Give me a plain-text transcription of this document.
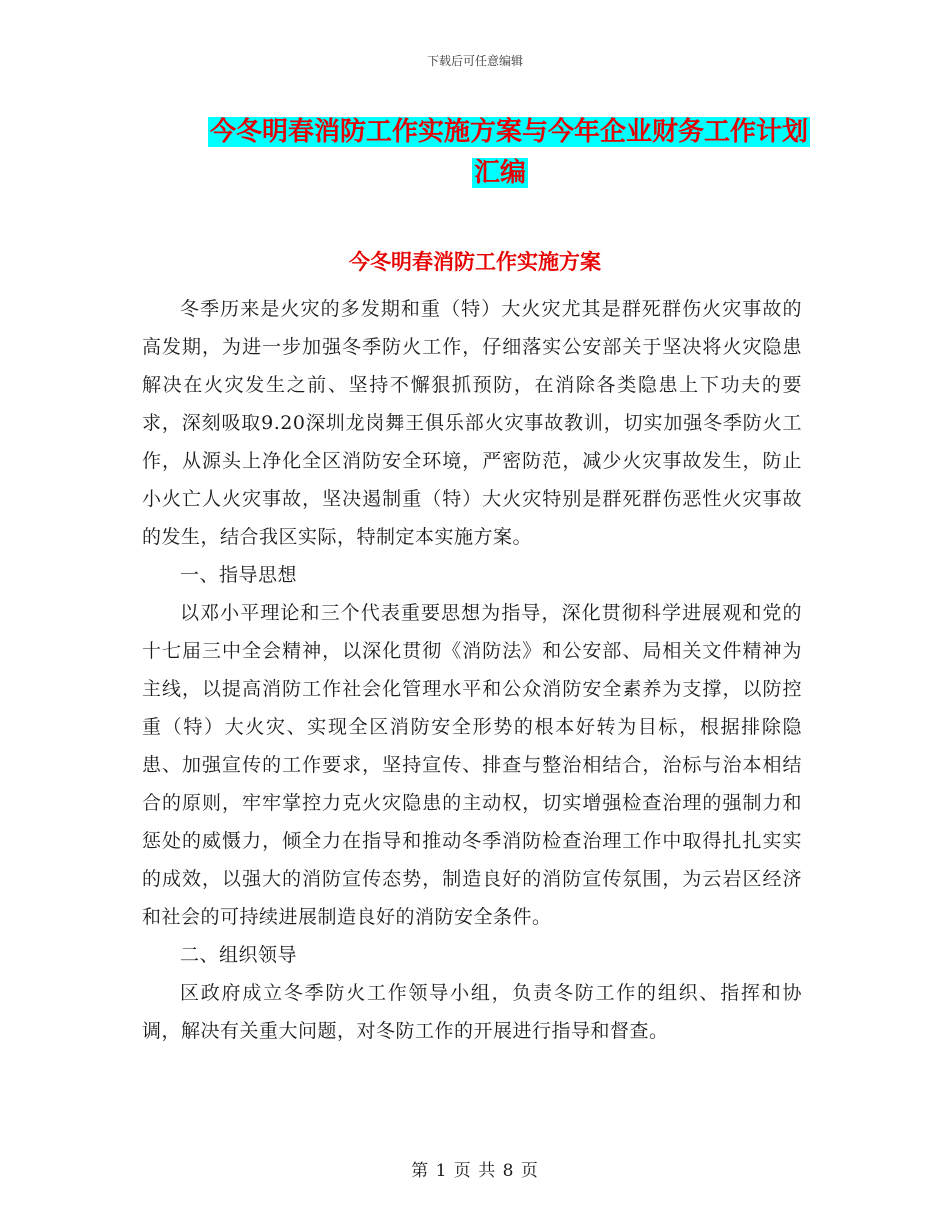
下载后可任意编辑
今冬明春消防工作实施方案与今年企业财务工作计划
汇编
今冬明春消防工作实施方案

冬季历来是火灾的多发期和重（特）大火灾尤其是群死群伤火灾事故的高发期，为进一步加强冬季防火工作，仔细落实公安部关于坚决将火灾隐患解决在火灾发生之前、坚持不懈狠抓预防，在消除各类隐患上下功夫的要求，深刻吸取9.20深圳龙岗舞王俱乐部火灾事故教训，切实加强冬季防火工作，从源头上净化全区消防安全环境，严密防范，减少火灾事故发生，防止小火亡人火灾事故，坚决遏制重（特）大火灾特别是群死群伤恶性火灾事故的发生，结合我区实际，特制定本实施方案。

一、指导思想

以邓小平理论和三个代表重要思想为指导，深化贯彻科学进展观和党的十七届三中全会精神，以深化贯彻《消防法》和公安部、局相关文件精神为主线，以提高消防工作社会化管理水平和公众消防安全素养为支撑，以防控重（特）大火灾、实现全区消防安全形势的根本好转为目标，根据排除隐患、加强宣传的工作要求，坚持宣传、排查与整治相结合，治标与治本相结合的原则，牢牢掌控力克火灾隐患的主动权，切实增强检查治理的强制力和惩处的威慑力，倾全力在指导和推动冬季消防检查治理工作中取得扎扎实实的成效，以强大的消防宣传态势，制造良好的消防宣传氛围，为云岩区经济和社会的可持续进展制造良好的消防安全条件。

二、组织领导

区政府成立冬季防火工作领导小组，负责冬防工作的组织、指挥和协调，解决有关重大问题，对冬防工作的开展进行指导和督查。

第 1 页 共 8 页
